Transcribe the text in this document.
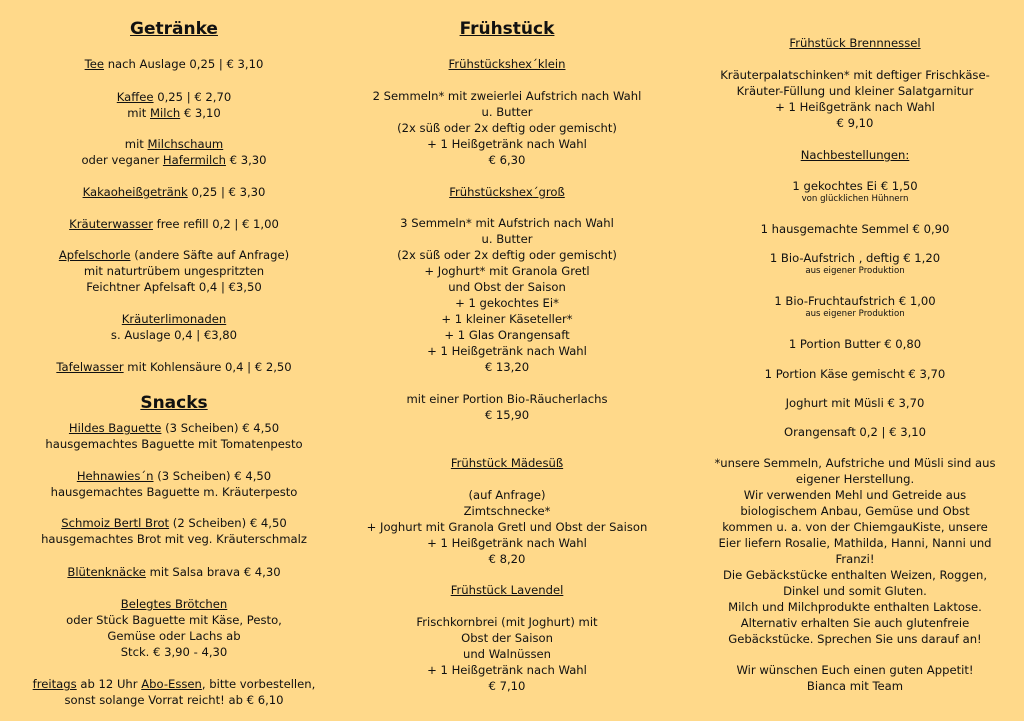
Getränke
Tee nach Auslage 0,25 | € 3,10

Kaffee 0,25 | € 2,70

mit Milch € 3,10

mit Milchschaum

oder veganer Hafermilch € 3,30

Kakaoheißgetränk 0,25 | € 3,30
Kräuterwasser free refill 0,2 | € 1,00

Apfelschorle (andere Säfte auf Anfrage)

mit naturtrübem ungespritzten

Feichtner Apfelsaft 0,4 | €3,50

Kräuterlimonaden

s. Auslage 0,4 | €3,80

Tafelwasser mit Kohlensäure 0,4 | € 2,50
Snacks

Hildes Baguette (3 Scheiben) € 4,50

hausgemachtes Baguette mit Tomatenpesto

Hehnawies´n (3 Scheiben) € 4,50

hausgemachtes Baguette m. Kräuterpesto

Schmoiz Bertl Brot (2 Scheiben) € 4,50

hausgemachtes Brot mit veg. Kräuterschmalz

Blütenknäcke mit Salsa brava € 4,30

Belegtes Brötchen

oder Stück Baguette mit Käse, Pesto,

Gemüse oder Lachs ab

Stck. € 3,90 - 4,30

freitags ab 12 Uhr Abo-Essen, bitte vorbestellen,

sonst solange Vorrat reicht! ab € 6,10

Frühstück
Frühstückshex´klein

2 Semmeln* mit zweierlei Aufstrich nach Wahl

u. Butter

(2x süß oder 2x deftig oder gemischt)

+ 1 Heißgetränk nach Wahl

€ 6,30

Frühstückshex´groß

3 Semmeln* mit Aufstrich nach Wahl

u. Butter

(2x süß oder 2x deftig oder gemischt)

+ Joghurt* mit Granola Gretl

und Obst der Saison

+ 1 gekochtes Ei*

+ 1 kleiner Käseteller*

+ 1 Glas Orangensaft

+ 1 Heißgetränk nach Wahl

€ 13,20

mit einer Portion Bio-Räucherlachs

€ 15,90

Frühstück Mädesüß

(auf Anfrage)

Zimtschnecke*

+ Joghurt mit Granola Gretl und Obst der Saison

+ 1 Heißgetränk nach Wahl

€ 8,20

Frühstück Lavendel

Frischkornbrei (mit Joghurt) mit

Obst der Saison

und Walnüssen

+ 1 Heißgetränk nach Wahl

€ 7,10

Frühstück Brennnessel

Kräuterpalatschinken* mit deftiger Frischkäse-

Kräuter-Füllung und kleiner Salatgarnitur

+ 1 Heißgetränk nach Wahl

€ 9,10

Nachbestellungen:

1 gekochtes Ei € 1,50

von glücklichen Hühnern

1 hausgemachte Semmel € 0,90

1 Bio-Aufstrich , deftig € 1,20

aus eigener Produktion

1 Bio-Fruchtaufstrich € 1,00

aus eigener Produktion

1 Portion Butter € 0,80

1 Portion Käse gemischt € 3,70

Joghurt mit Müsli € 3,70

Orangensaft 0,2 | € 3,10

*unsere Semmeln, Aufstriche und Müsli sind aus

eigener Herstellung.

Wir verwenden Mehl und Getreide aus

biologischem Anbau, Gemüse und Obst

kommen u. a. von der ChiemgauKiste, unsere

Eier liefern Rosalie, Mathilda, Hanni, Nanni und

Franzi!

Die Gebäckstücke enthalten Weizen, Roggen,

Dinkel und somit Gluten.

Milch und Milchprodukte enthalten Laktose.

Alternativ erhalten Sie auch glutenfreie

Gebäckstücke. Sprechen Sie uns darauf an!

Wir wünschen Euch einen guten Appetit!

Bianca mit Team
